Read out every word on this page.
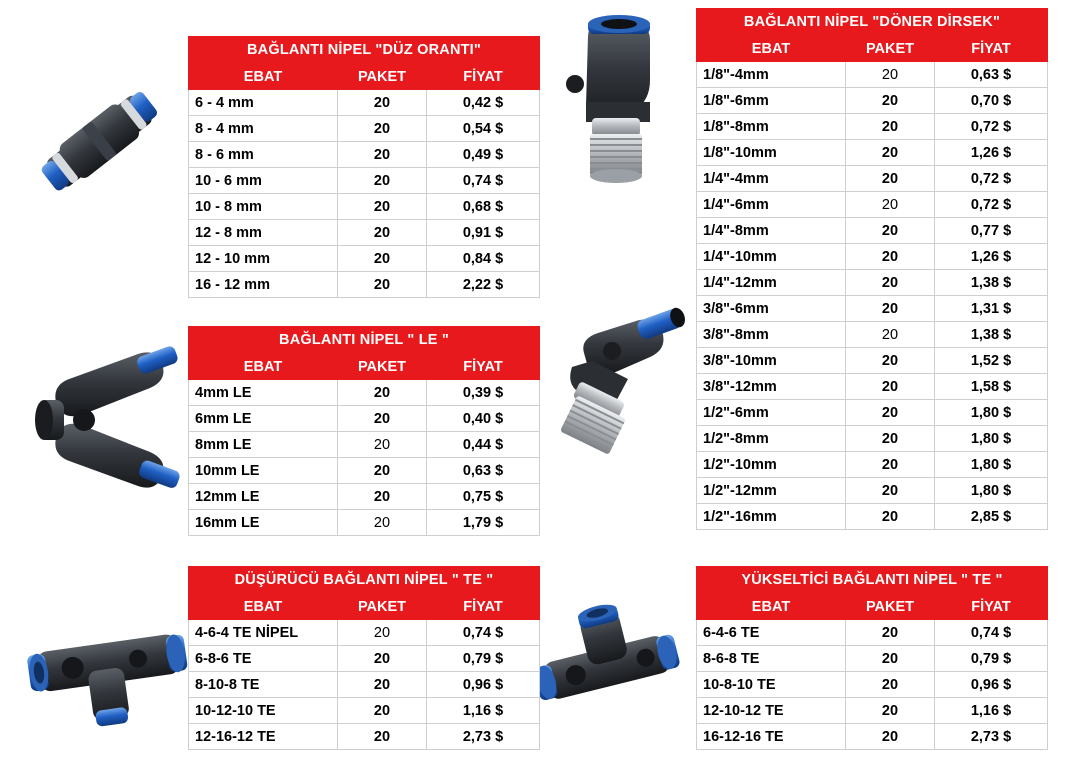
BAĞLANTI NİPEL "DÜZ ORANTI"		
EBAT	PAKET	FİYAT
6 - 4 mm	20	0,42 $
8 - 4 mm	20	0,54 $
8 - 6 mm	20	0,49 $
10 - 6 mm	20	0,74 $
10 - 8 mm	20	0,68 $
12 - 8 mm	20	0,91 $
12 - 10 mm	20	0,84 $
16 - 12 mm	20	2,22 $
BAĞLANTI NİPEL " LE "		
EBAT	PAKET	FİYAT
4mm LE	20	0,39 $
6mm LE	20	0,40 $
8mm LE	20	0,44 $
10mm LE	20	0,63 $
12mm LE	20	0,75 $
16mm LE	20	1,79 $
DÜŞÜRÜCÜ BAĞLANTI NİPEL " TE "		
EBAT	PAKET	FİYAT
4-6-4 TE NİPEL	20	0,74 $
6-8-6 TE	20	0,79 $
8-10-8 TE	20	0,96 $
10-12-10 TE	20	1,16 $
12-16-12 TE	20	2,73 $
BAĞLANTI NİPEL "DÖNER DİRSEK"		
EBAT	PAKET	FİYAT
1/8"-4mm	20	0,63 $
1/8"-6mm	20	0,70 $
1/8"-8mm	20	0,72 $
1/8"-10mm	20	1,26 $
1/4"-4mm	20	0,72 $
1/4"-6mm	20	0,72 $
1/4"-8mm	20	0,77 $
1/4"-10mm	20	1,26 $
1/4"-12mm	20	1,38 $
3/8"-6mm	20	1,31 $
3/8"-8mm	20	1,38 $
3/8"-10mm	20	1,52 $
3/8"-12mm	20	1,58 $
1/2"-6mm	20	1,80 $
1/2"-8mm	20	1,80 $
1/2"-10mm	20	1,80 $
1/2"-12mm	20	1,80 $
1/2"-16mm	20	2,85 $
YÜKSELTİCİ BAĞLANTI NİPEL " TE "		
EBAT	PAKET	FİYAT
6-4-6 TE	20	0,74 $
8-6-8 TE	20	0,79 $
10-8-10 TE	20	0,96 $
12-10-12 TE	20	1,16 $
16-12-16 TE	20	2,73 $
